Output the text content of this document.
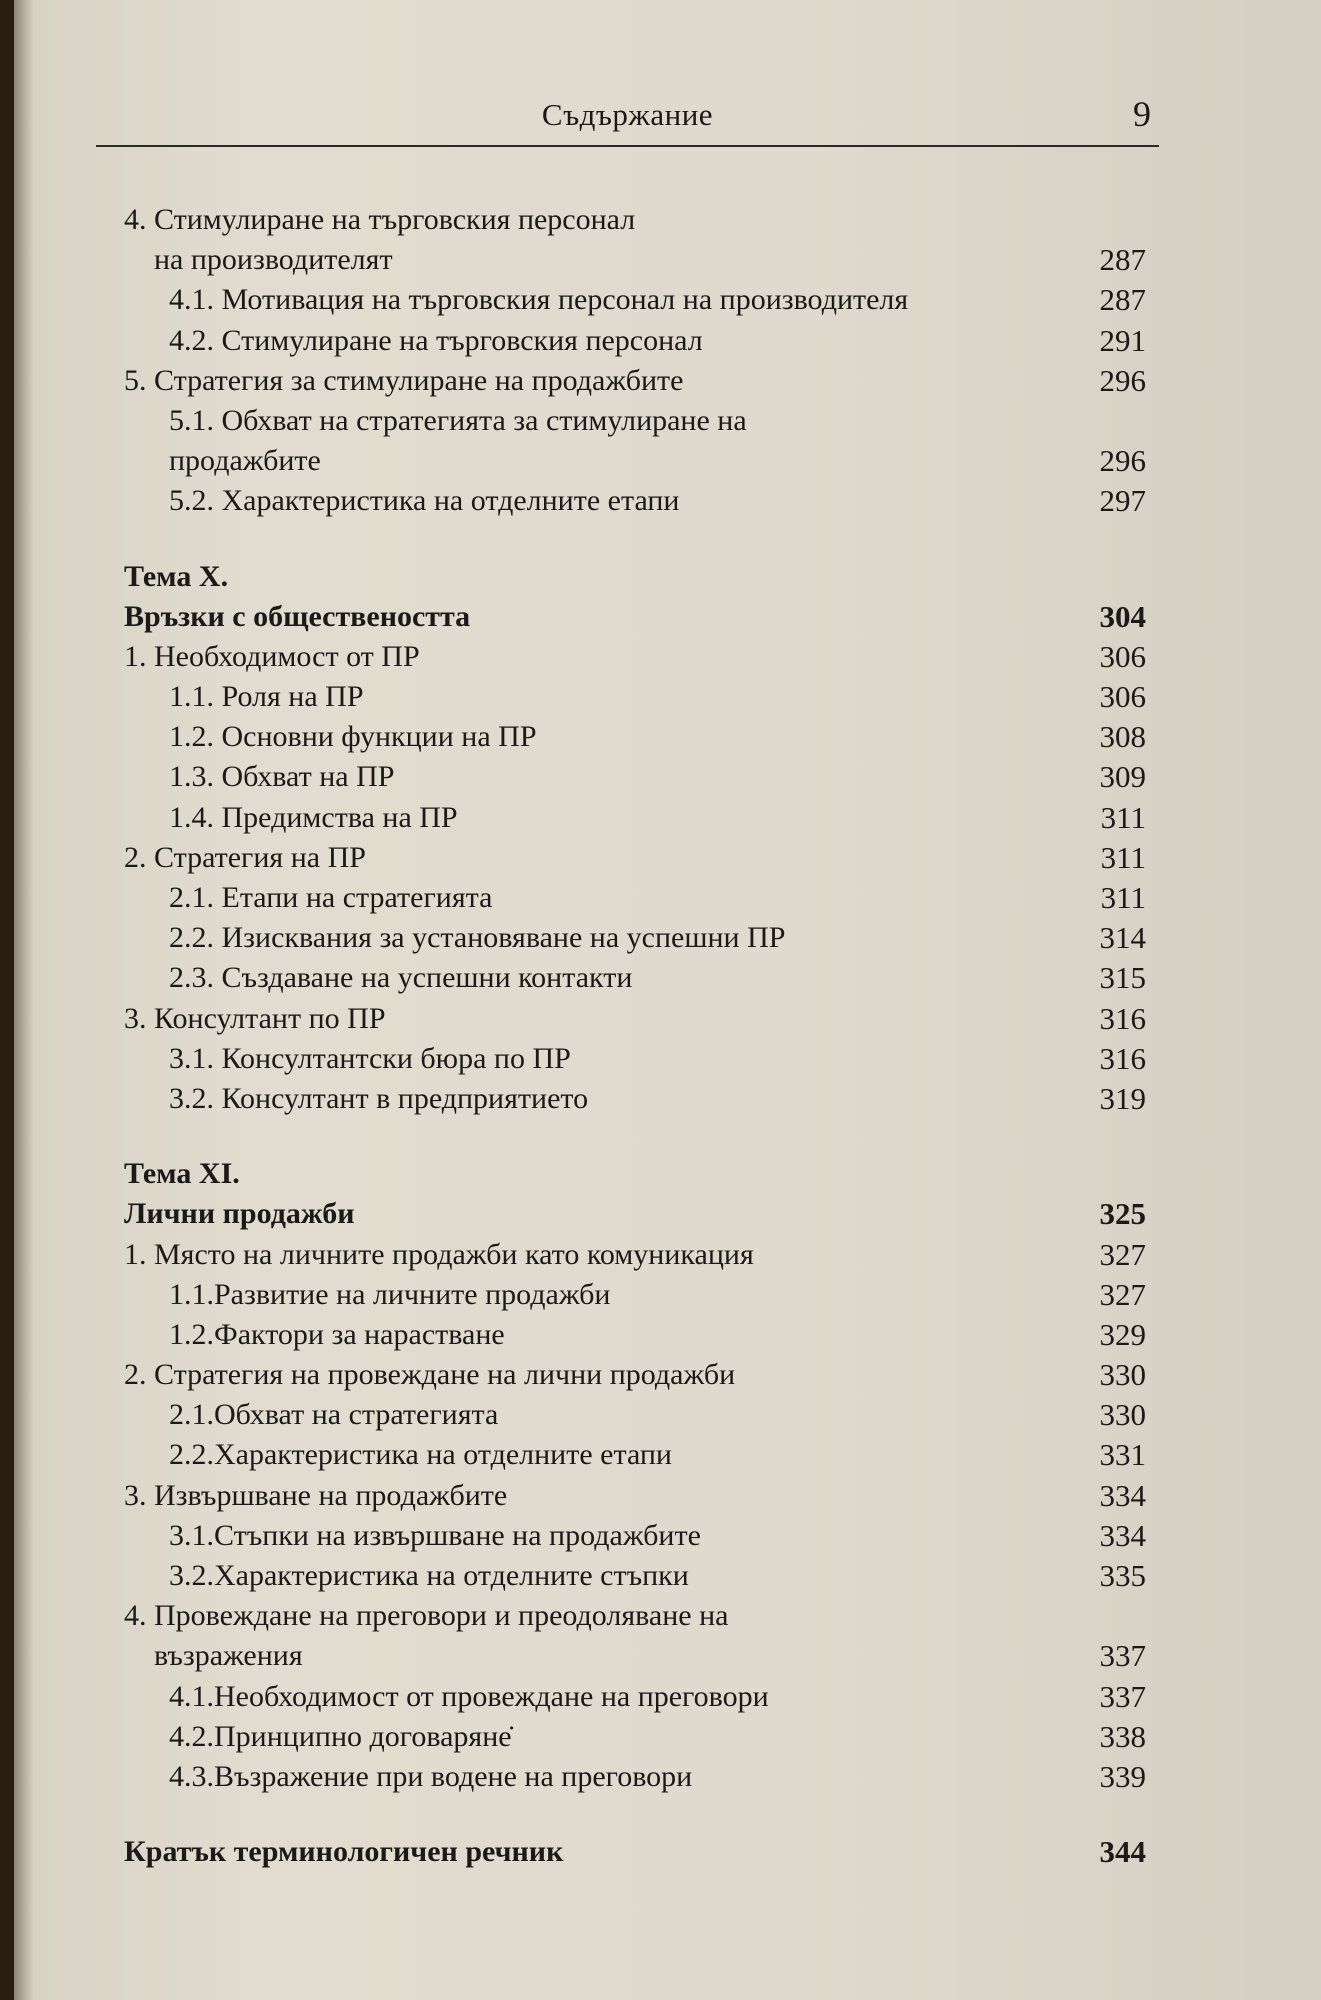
Съдържание	9
4. Стимулиране на търговския персонал
на производителят	287
4.1. Мотивация на търговския персонал на производителя	287
4.2. Стимулиране на търговския персонал	291
5. Стратегия за стимулиране на продажбите	296
5.1. Обхват на стратегията за стимулиране на
продажбите	296
5.2. Характеристика на отделните етапи	297
Тема X.
Връзки с обществеността	304
1. Необходимост от ПР	306
1.1. Роля на ПР	306
1.2. Основни функции на ПР	308
1.3. Обхват на ПР	309
1.4. Предимства на ПР	311
2. Стратегия на ПР	311
2.1. Етапи на стратегията	311
2.2. Изисквания за установяване на успешни ПР	314
2.3. Създаване на успешни контакти	315
3. Консултант по ПР	316
3.1. Консултантски бюра по ПР	316
3.2. Консултант в предприятието	319
Тема XI.
Лични продажби	325
1. Място на личните продажби като комуникация	327
1.1.Развитие на личните продажби	327
1.2.Фактори за нарастване	329
2. Стратегия на провеждане на лични продажби	330
2.1.Обхват на стратегията	330
2.2.Характеристика на отделните етапи	331
3. Извършване на продажбите	334
3.1.Стъпки на извършване на продажбите	334
3.2.Характеристика на отделните стъпки	335
4. Провеждане на преговори и преодоляване на
възражения	337
4.1.Необходимост от провеждане на преговори	337
4.2.Принципно договаряне̇	338
4.3.Възражение при водене на преговори	339
Кратък терминологичен речник	344
